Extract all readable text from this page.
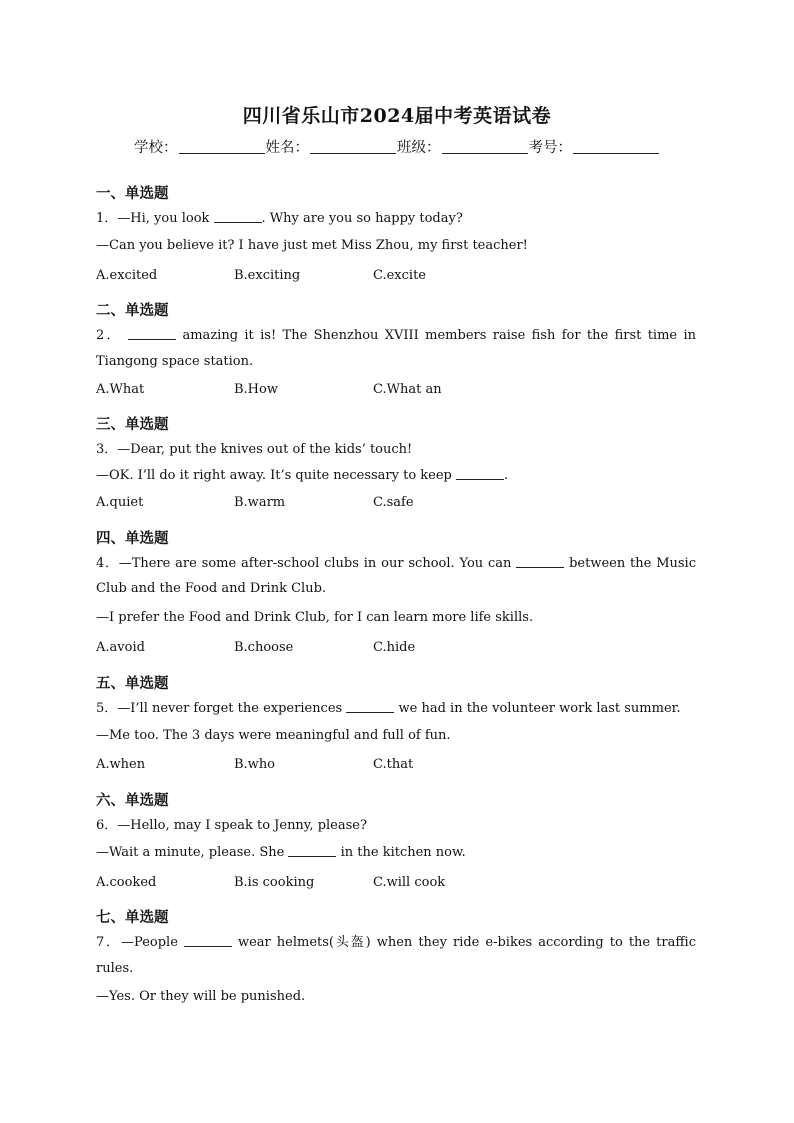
四川省乐山市2024届中考英语试卷
学校：	姓名：	班级：	考号：
一、单选题
1．—Hi, you look	. Why are you so happy today?
—Can you believe it? I have just met Miss Zhou, my first teacher!
A.excited	B.exciting	C.excite
二、单选题
2．	amazing it is! The Shenzhou XVIII members raise fish for the first time in
Tiangong space station.
A.What	B.How	C.What an
三、单选题
3．—Dear, put the knives out of the kids’ touch!
—OK. I’ll do it right away. It’s quite necessary to keep	.
A.quiet	B.warm	C.safe
四、单选题
4．—There are some after-school clubs in our school. You can	between the Music
Club and the Food and Drink Club.
—I prefer the Food and Drink Club, for I can learn more life skills.
A.avoid	B.choose	C.hide
五、单选题
5．—I’ll never forget the experiences	we had in the volunteer work last summer.
—Me too. The 3 days were meaningful and full of fun.
A.when	B.who	C.that
六、单选题
6．—Hello, may I speak to Jenny, please?
—Wait a minute, please. She	in the kitchen now.
A.cooked	B.is cooking	C.will cook
七、单选题
7．—People	wear helmets(头盔) when they ride e-bikes according to the traffic
rules.
—Yes. Or they will be punished.
